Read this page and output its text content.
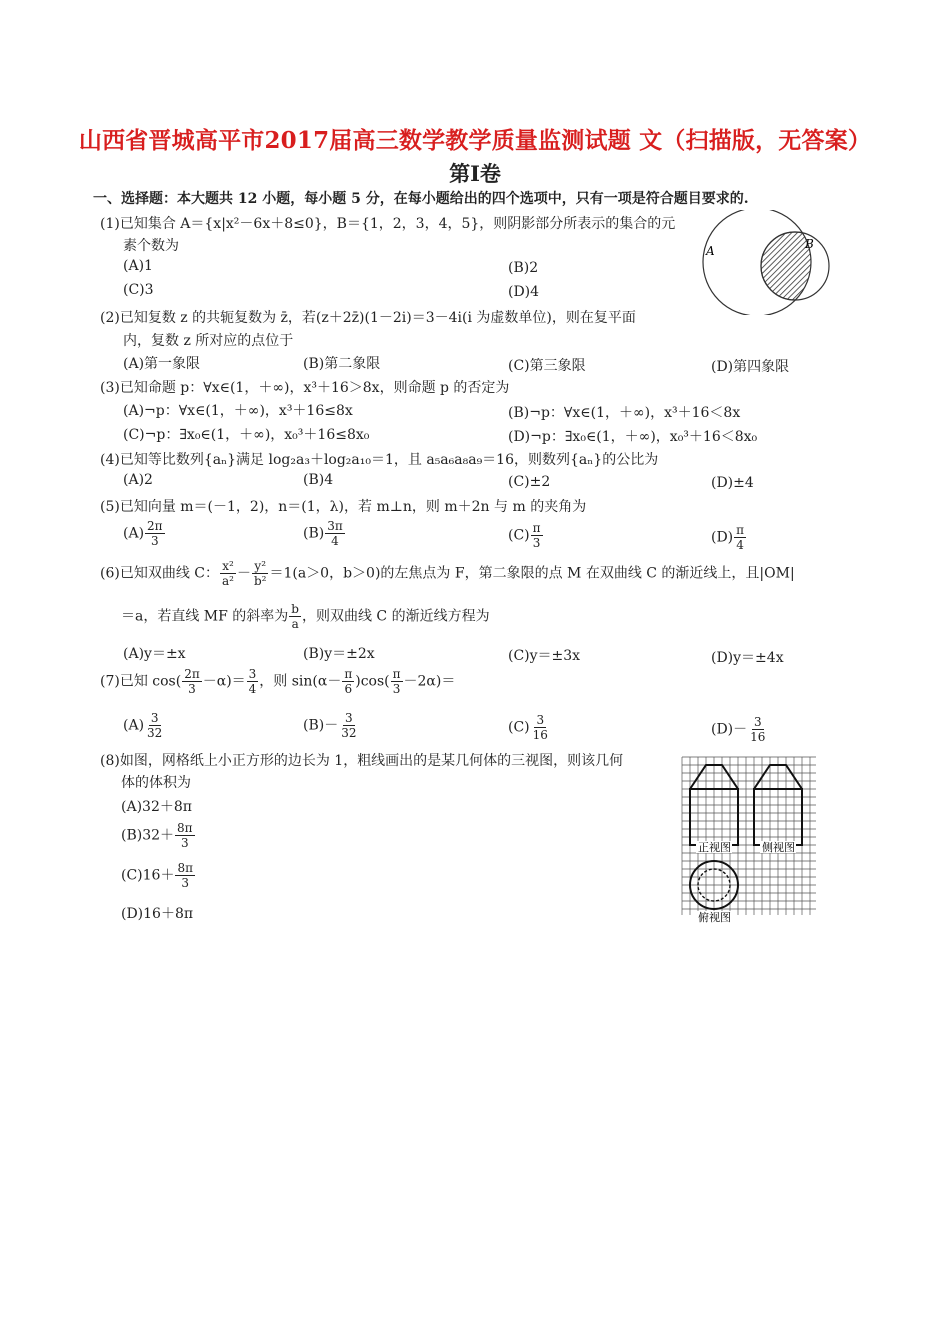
山西省晋城高平市2017届高三数学教学质量监测试题 文（扫描版，无答案）
第Ⅰ卷
一、选择题：本大题共 12 小题，每小题 5 分，在每小题给出的四个选项中，只有一项是符合题目要求的.
(1)已知集合 A＝{x|x²－6x＋8≤0}，B＝{1，2，3，4，5}，则阴影部分所表示的集合的元
素个数为
(A)1	(B)2
(C)3	(D)4
A	B
(2)已知复数 z 的共轭复数为 z̄，若(z＋2z̄)(1－2i)＝3－4i(i 为虚数单位)，则在复平面
内，复数 z 所对应的点位于
(A)第一象限	(B)第二象限	(C)第三象限	(D)第四象限
(3)已知命题 p：∀x∈(1，＋∞)，x³＋16＞8x，则命题 p 的否定为
(A)¬p：∀x∈(1，＋∞)，x³＋16≤8x	(B)¬p：∀x∈(1，＋∞)，x³＋16＜8x
(C)¬p：∃x₀∈(1，＋∞)，x₀³＋16≤8x₀	(D)¬p：∃x₀∈(1，＋∞)，x₀³＋16＜8x₀
(4)已知等比数列{aₙ}满足 log₂a₃＋log₂a₁₀＝1，且 a₅a₆a₈a₉＝16，则数列{aₙ}的公比为
(A)2	(B)4	(C)±2	(D)±4
(5)已知向量 m＝(－1，2)，n＝(1，λ)，若 m⊥n，则 m＋2n 与 m 的夹角为
$(A) \frac{2\pi}{3}$	$(B) \frac{3\pi}{4}$	$(C) \frac{\pi}{3}$	$(D) \frac{\pi}{4}$
(6)已知双曲线 C： $\frac{\text{x²}}{\text{a²}} - \frac{\text{y²}}{\text{b²}} =1(a>0$，b＞0)的左焦点为 F，第二象限的点 M 在双曲线 C 的渐近线上，且|OM|
＝a，若直线 MF 的斜率为 $\frac{b}{a}$ ，则双曲线 C 的渐近线方程为
(A)y＝±x	(B)y＝±2x	(C)y＝±3x	(D)y＝±4x
(7)已知 $\cos( \frac{2\pi}{3} -\alpha)= \frac{3}{4}$ ，则 $\sin(\alpha- \frac{\pi}{6} )\cos( \frac{\pi}{3} -2\alpha)=$
$(A) \frac{3}{32}$	$(B)- \frac{3}{32}$	$(C) \frac{3}{16}$	$(D)- \frac{3}{16}$
(8)如图，网格纸上小正方形的边长为 1，粗线画出的是某几何体的三视图，则该几何
体的体积为
(A)32＋8π
$(B)32+ \frac{8\pi}{3}$
$(C)16+ \frac{8\pi}{3}$
(D)16＋8π
正视图	侧视图
俯视图
